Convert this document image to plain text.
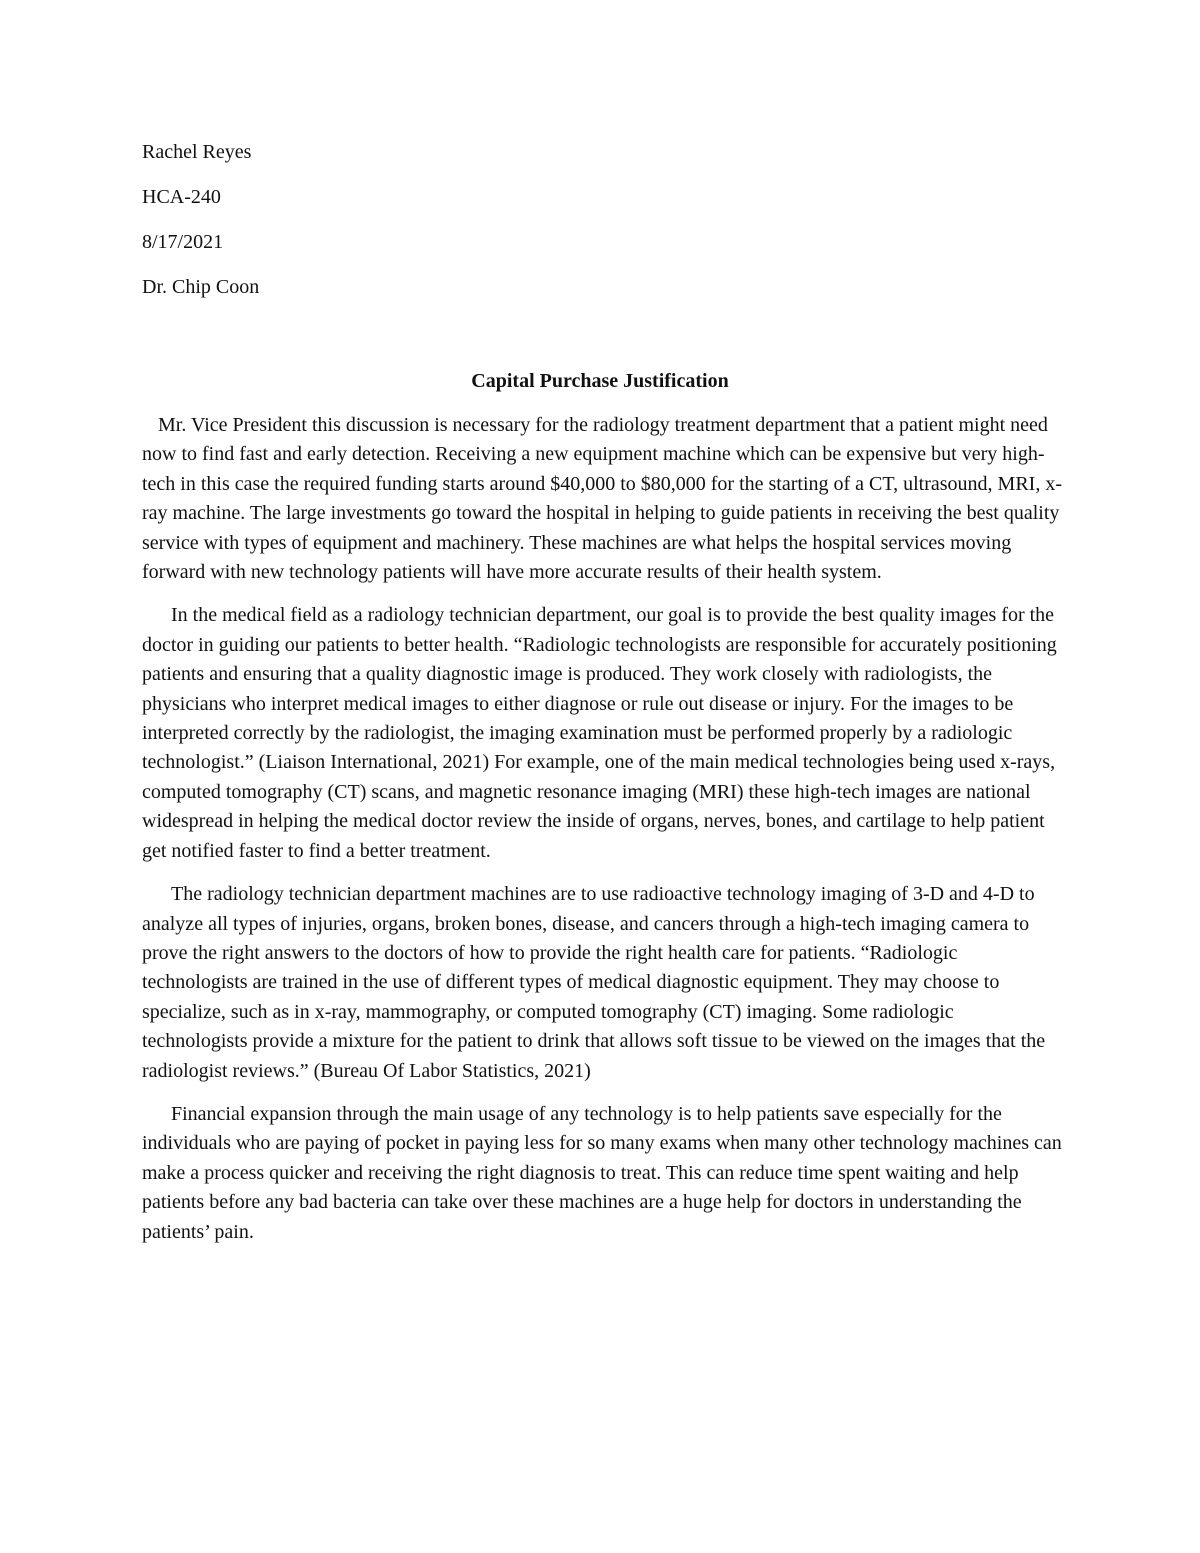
Rachel Reyes

HCA-240

8/17/2021

Dr. Chip Coon

Capital Purchase Justification

Mr. Vice President this discussion is necessary for the radiology treatment department that a patient might need now to find fast and early detection. Receiving a new equipment machine which can be expensive but very high-tech in this case the required funding starts around $40,000 to $80,000 for the starting of a CT, ultrasound, MRI, x-ray machine. The large investments go toward the hospital in helping to guide patients in receiving the best quality service with types of equipment and machinery. These machines are what helps the hospital services moving forward with new technology patients will have more accurate results of their health system.

In the medical field as a radiology technician department, our goal is to provide the best quality images for the doctor in guiding our patients to better health. “Radiologic technologists are responsible for accurately positioning patients and ensuring that a quality diagnostic image is produced. They work closely with radiologists, the physicians who interpret medical images to either diagnose or rule out disease or injury. For the images to be interpreted correctly by the radiologist, the imaging examination must be performed properly by a radiologic technologist.” (Liaison International, 2021) For example, one of the main medical technologies being used x-rays, computed tomography (CT) scans, and magnetic resonance imaging (MRI) these high-tech images are national widespread in helping the medical doctor review the inside of organs, nerves, bones, and cartilage to help patient get notified faster to find a better treatment.

The radiology technician department machines are to use radioactive technology imaging of 3-D and 4-D to analyze all types of injuries, organs, broken bones, disease, and cancers through a high-tech imaging camera to prove the right answers to the doctors of how to provide the right health care for patients. “Radiologic technologists are trained in the use of different types of medical diagnostic equipment. They may choose to specialize, such as in x-ray, mammography, or computed tomography (CT) imaging. Some radiologic technologists provide a mixture for the patient to drink that allows soft tissue to be viewed on the images that the radiologist reviews.” (Bureau Of Labor Statistics, 2021)

Financial expansion through the main usage of any technology is to help patients save especially for the individuals who are paying of pocket in paying less for so many exams when many other technology machines can make a process quicker and receiving the right diagnosis to treat. This can reduce time spent waiting and help patients before any bad bacteria can take over these machines are a huge help for doctors in understanding the patients’ pain.
